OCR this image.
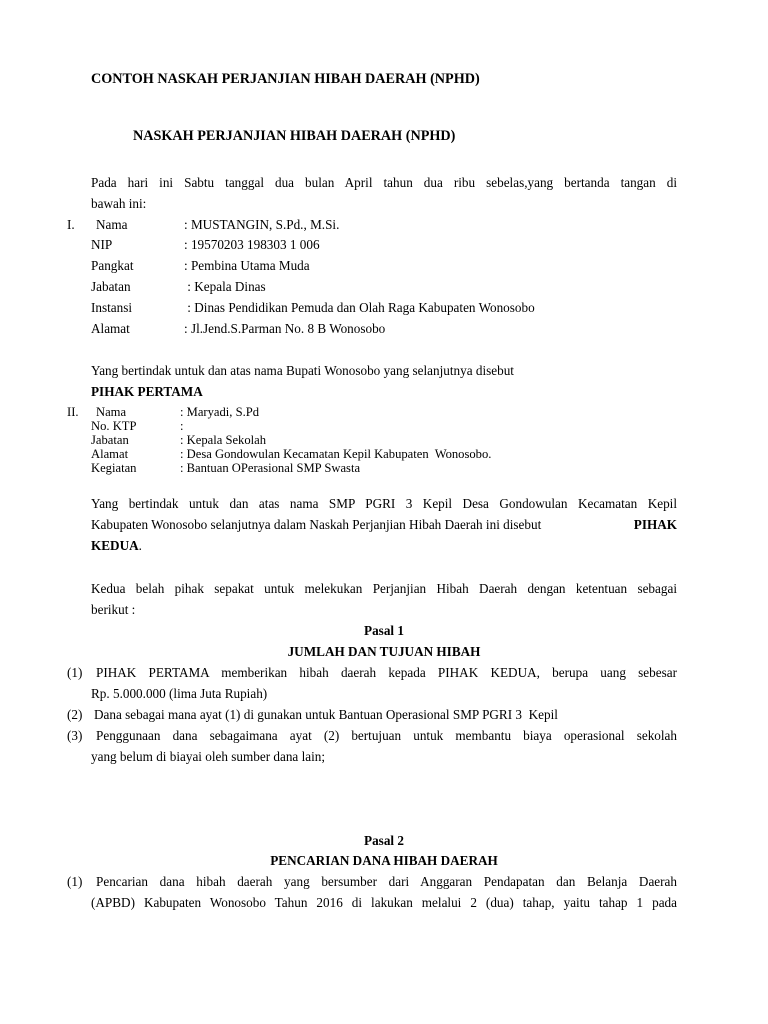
CONTOH NASKAH PERJANJIAN HIBAH DAERAH (NPHD)
NASKAH PERJANJIAN HIBAH DAERAH (NPHD)
Pada hari ini Sabtu tanggal dua bulan April tahun dua ribu sebelas,yang bertanda tangan di
bawah ini:
I. Nama	: MUSTANGIN, S.Pd., M.Si.
NIP	: 19570203 198303 1 006
Pangkat	: Pembina Utama Muda
Jabatan	: Kepala Dinas
Instansi	: Dinas Pendidikan Pemuda dan Olah Raga Kabupaten Wonosobo
Alamat	: Jl.Jend.S.Parman No. 8 B Wonosobo
Yang bertindak untuk dan atas nama Bupati Wonosobo yang selanjutnya disebut
PIHAK PERTAMA
II. Nama	: Maryadi, S.Pd
No. KTP	:
Jabatan	: Kepala Sekolah
Alamat	: Desa Gondowulan Kecamatan Kepil Kabupaten  Wonosobo.
Kegiatan	: Bantuan OPerasional SMP Swasta
Yang bertindak untuk dan atas nama SMP PGRI 3 Kepil Desa Gondowulan Kecamatan Kepil
Kabupaten Wonosobo selanjutnya dalam Naskah Perjanjian Hibah Daerah ini disebut	PIHAK
KEDUA.
Kedua belah pihak sepakat untuk melekukan Perjanjian Hibah Daerah dengan ketentuan sebagai
berikut :
Pasal 1
JUMLAH DAN TUJUAN HIBAH
(1) PIHAK PERTAMA memberikan hibah daerah kepada PIHAK KEDUA, berupa uang sebesar
Rp. 5.000.000 (lima Juta Rupiah)
(2) Dana sebagai mana ayat (1) di gunakan untuk Bantuan Operasional SMP PGRI 3  Kepil
(3) Penggunaan dana sebagaimana ayat (2) bertujuan untuk membantu biaya operasional sekolah
yang belum di biayai oleh sumber dana lain;
Pasal 2
PENCARIAN DANA HIBAH DAERAH
(1) Pencarian dana hibah daerah yang bersumber dari Anggaran Pendapatan dan Belanja Daerah
(APBD) Kabupaten Wonosobo Tahun 2016 di lakukan melalui 2 (dua) tahap, yaitu tahap 1 pada
